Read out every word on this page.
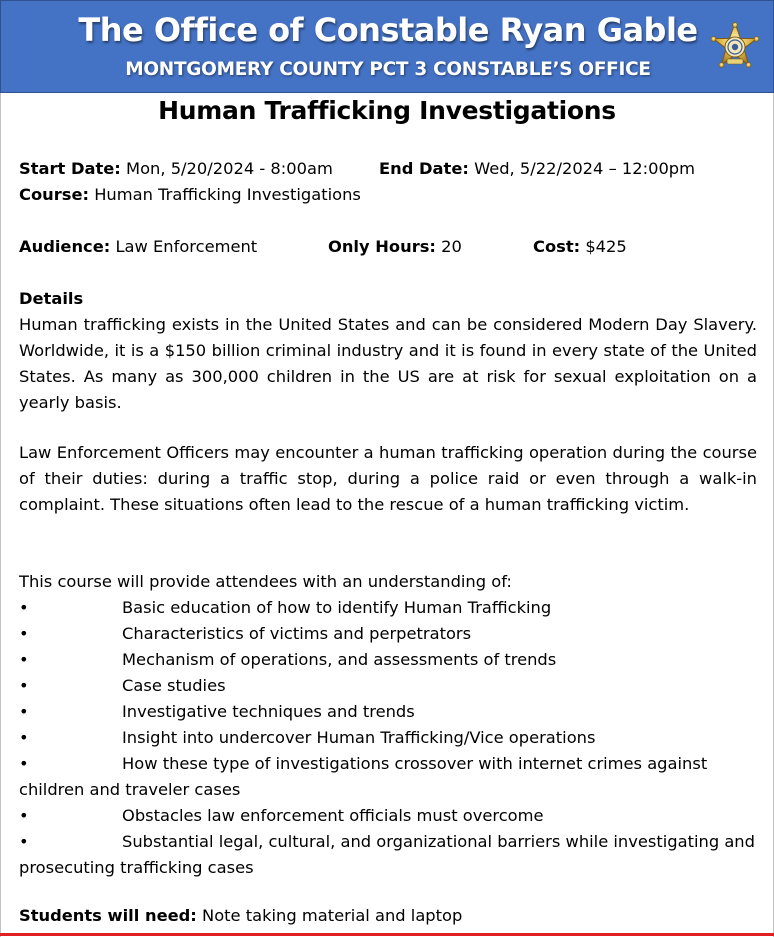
The Office of Constable Ryan Gable
MONTGOMERY COUNTY PCT 3 CONSTABLE’S OFFICE
Human Trafficking Investigations
Start Date: Mon, 5/20/2024 - 8:00am	End Date: Wed, 5/22/2024 – 12:00pm
Course: Human Trafficking Investigations
Audience: Law Enforcement	Only Hours: 20	Cost: $425
Details
Human trafficking exists in the United States and can be considered Modern Day Slavery. Worldwide, it is a $150 billion criminal industry and it is found in every state of the United States. As many as 300,000 children in the US are at risk for sexual exploitation on a yearly basis.
Law Enforcement Officers may encounter a human trafficking operation during the course of their duties: during a traffic stop, during a police raid or even through a walk-in complaint. These situations often lead to the rescue of a human trafficking victim.
This course will provide attendees with an understanding of:
•	Basic education of how to identify Human Trafficking
•	Characteristics of victims and perpetrators
•	Mechanism of operations, and assessments of trends
•	Case studies
•	Investigative techniques and trends
•	Insight into undercover Human Trafficking/Vice operations
•	How these type of investigations crossover with internet crimes against children and traveler cases
•	Obstacles law enforcement officials must overcome
•	Substantial legal, cultural, and organizational barriers while investigating and prosecuting trafficking cases
Students will need: Note taking material and laptop
